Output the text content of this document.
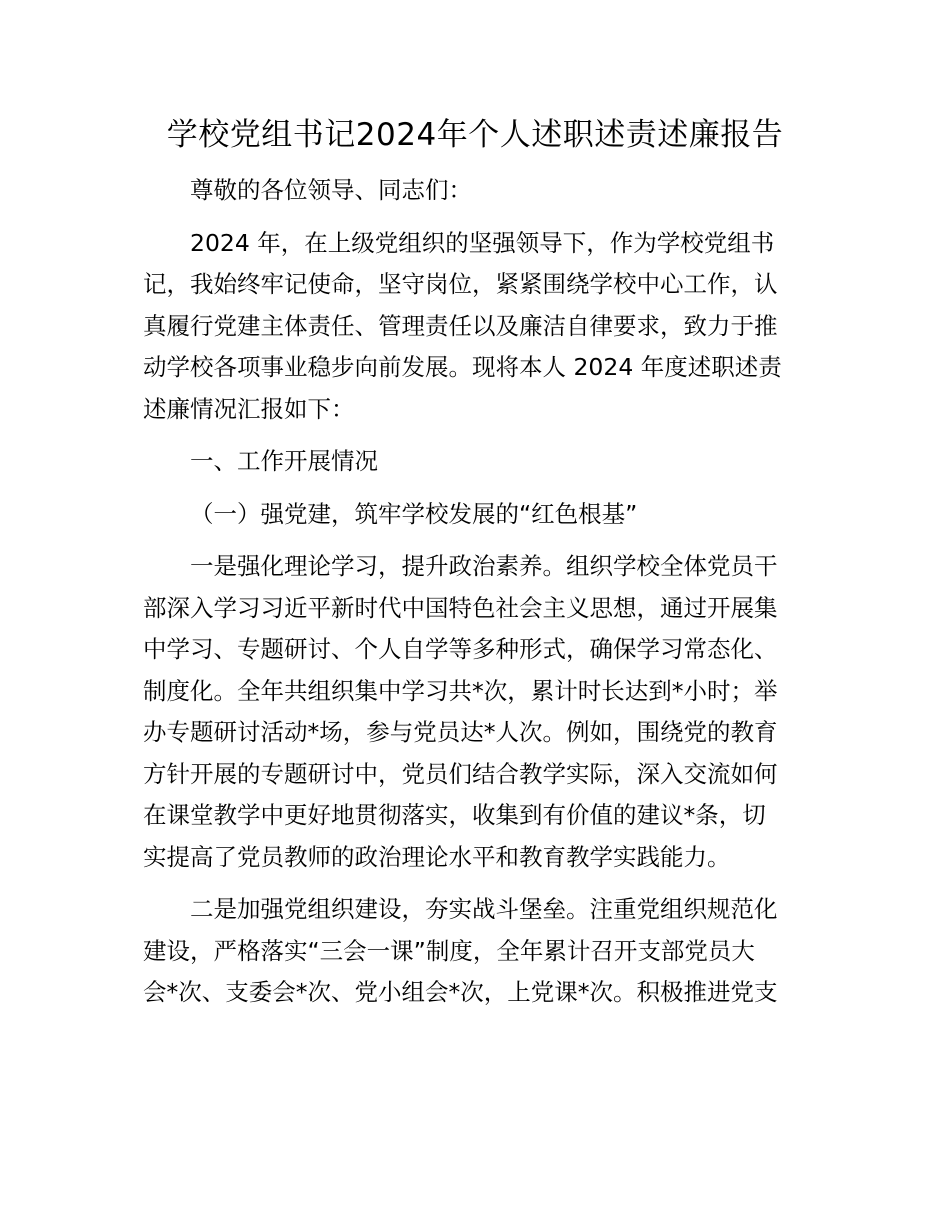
学校党组书记2024年个人述职述责述廉报告

尊敬的各位领导、同志们：

2024 年，在上级党组织的坚强领导下，作为学校党组书
记，我始终牢记使命，坚守岗位，紧紧围绕学校中心工作，认
真履行党建主体责任、管理责任以及廉洁自律要求，致力于推
动学校各项事业稳步向前发展。现将本人 2024 年度述职述责
述廉情况汇报如下：

一、工作开展情况

（一）强党建，筑牢学校发展的“红色根基”

一是强化理论学习，提升政治素养。组织学校全体党员干
部深入学习习近平新时代中国特色社会主义思想，通过开展集
中学习、专题研讨、个人自学等多种形式，确保学习常态化、
制度化。全年共组织集中学习共*次，累计时长达到*小时；举
办专题研讨活动*场，参与党员达*人次。例如，围绕党的教育
方针开展的专题研讨中，党员们结合教学实际，深入交流如何
在课堂教学中更好地贯彻落实，收集到有价值的建议*条，切
实提高了党员教师的政治理论水平和教育教学实践能力。

二是加强党组织建设，夯实战斗堡垒。注重党组织规范化
建设，严格落实“三会一课”制度，全年累计召开支部党员大
会*次、支委会*次、党小组会*次，上党课*次。积极推进党支
